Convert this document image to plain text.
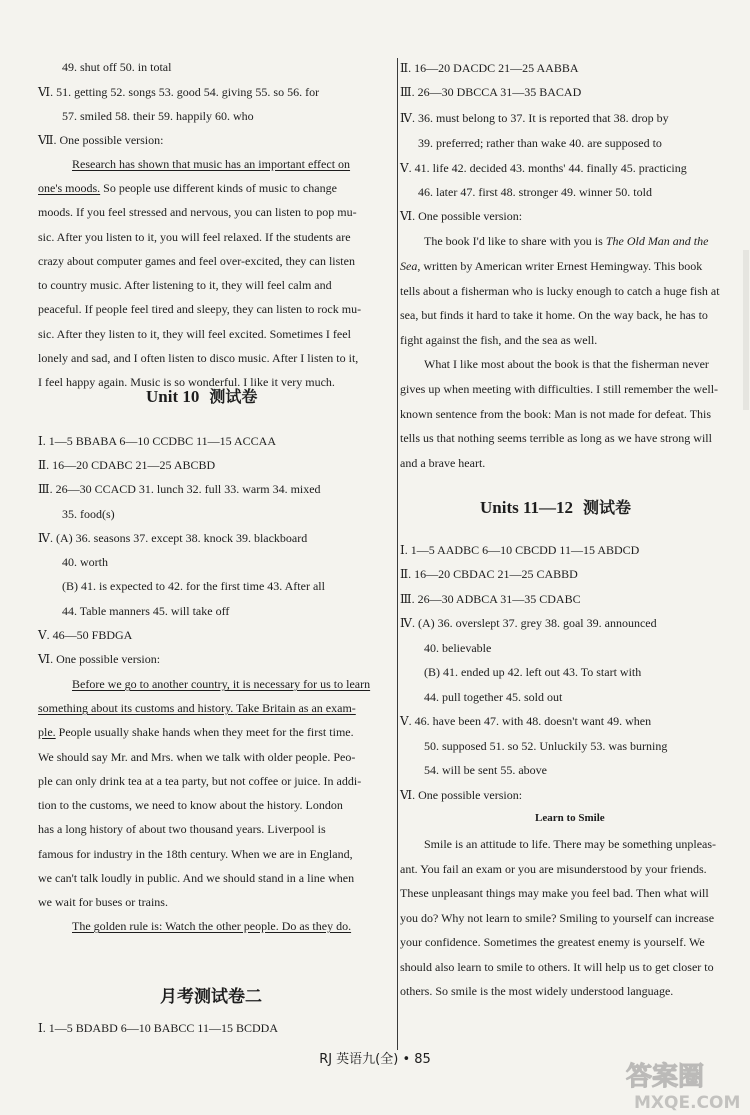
49. shut off 50. in total
Ⅵ. 51. getting 52. songs 53. good 54. giving 55. so 56. for
57. smiled 58. their 59. happily 60. who
Ⅶ. One possible version:
Research has shown that music has an important effect on
one's moods. So people use different kinds of music to change
moods. If you feel stressed and nervous, you can listen to pop mu-
sic. After you listen to it, you will feel relaxed. If the students are
crazy about computer games and feel over-excited, they can listen
to country music. After listening to it, they will feel calm and
peaceful. If people feel tired and sleepy, they can listen to rock mu-
sic. After they listen to it, they will feel excited. Sometimes I feel
lonely and sad, and I often listen to disco music. After I listen to it,
I feel happy again. Music is so wonderful. I like it very much.
Unit 10 测试卷
Ⅰ. 1—5 BBABA 6—10 CCDBC 11—15 ACCAA
Ⅱ. 16—20 CDABC 21—25 ABCBD
Ⅲ. 26—30 CCACD 31. lunch 32. full 33. warm 34. mixed
35. food(s)
Ⅳ. (A) 36. seasons 37. except 38. knock 39. blackboard
40. worth
(B) 41. is expected to 42. for the first time 43. After all
44. Table manners 45. will take off
Ⅴ. 46—50 FBDGA
Ⅵ. One possible version:
Before we go to another country, it is necessary for us to learn
something about its customs and history. Take Britain as an exam-
ple. People usually shake hands when they meet for the first time.
We should say Mr. and Mrs. when we talk with older people. Peo-
ple can only drink tea at a tea party, but not coffee or juice. In addi-
tion to the customs, we need to know about the history. London
has a long history of about two thousand years. Liverpool is
famous for industry in the 18th century. When we are in England,
we can't talk loudly in public. And we should stand in a line when
we wait for buses or trains.
The golden rule is: Watch the other people. Do as they do.
月考测试卷二
Ⅰ. 1—5 BDABD 6—10 BABCC 11—15 BCDDA
Ⅱ. 16—20 DACDC 21—25 AABBA
Ⅲ. 26—30 DBCCA 31—35 BACAD
Ⅳ. 36. must belong to 37. It is reported that 38. drop by
39. preferred; rather than wake 40. are supposed to
Ⅴ. 41. life 42. decided 43. months' 44. finally 45. practicing
46. later 47. first 48. stronger 49. winner 50. told
Ⅵ. One possible version:
The book I'd like to share with you is The Old Man and the
Sea, written by American writer Ernest Hemingway. This book
tells about a fisherman who is lucky enough to catch a huge fish at
sea, but finds it hard to take it home. On the way back, he has to
fight against the fish, and the sea as well.
What I like most about the book is that the fisherman never
gives up when meeting with difficulties. I still remember the well-
known sentence from the book: Man is not made for defeat. This
tells us that nothing seems terrible as long as we have strong will
and a brave heart.
Units 11—12 测试卷
Ⅰ. 1—5 AADBC 6—10 CBCDD 11—15 ABDCD
Ⅱ. 16—20 CBDAC 21—25 CABBD
Ⅲ. 26—30 ADBCA 31—35 CDABC
Ⅳ. (A) 36. overslept 37. grey 38. goal 39. announced
40. believable
(B) 41. ended up 42. left out 43. To start with
44. pull together 45. sold out
Ⅴ. 46. have been 47. with 48. doesn't want 49. when
50. supposed 51. so 52. Unluckily 53. was burning
54. will be sent 55. above
Ⅵ. One possible version:
Learn to Smile
Smile is an attitude to life. There may be something unpleas-
ant. You fail an exam or you are misunderstood by your friends.
These unpleasant things may make you feel bad. Then what will
you do? Why not learn to smile? Smiling to yourself can increase
your confidence. Sometimes the greatest enemy is yourself. We
should also learn to smile to others. It will help us to get closer to
others. So smile is the most widely understood language.
RJ 英语九(全) • 85
答案圈
MXQE.COM
